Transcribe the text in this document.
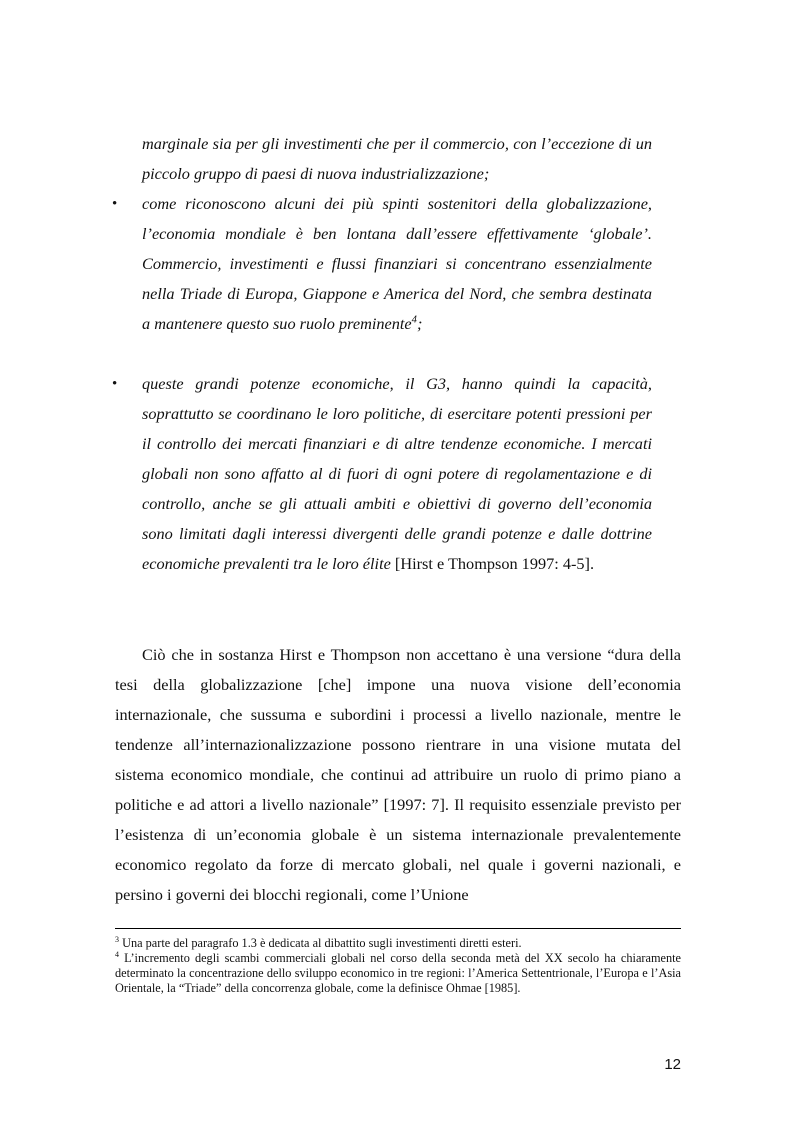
marginale sia per gli investimenti che per il commercio, con l’eccezione di un piccolo gruppo di paesi di nuova industrializzazione;

• come riconoscono alcuni dei più spinti sostenitori della globalizzazione, l’economia mondiale è ben lontana dall’essere effettivamente ‘globale’. Commercio, investimenti e flussi finanziari si concentrano essenzialmente nella Triade di Europa, Giappone e America del Nord, che sembra destinata a mantenere questo suo ruolo preminente$^4$;

• queste grandi potenze economiche, il G3, hanno quindi la capacità, soprattutto se coordinano le loro politiche, di esercitare potenti pressioni per il controllo dei mercati finanziari e di altre tendenze economiche. I mercati globali non sono affatto al di fuori di ogni potere di regolamentazione e di controllo, anche se gli attuali ambiti e obiettivi di governo dell’economia sono limitati dagli interessi divergenti delle grandi potenze e dalle dottrine economiche prevalenti tra le loro élite [Hirst e Thompson 1997: 4-5].

Ciò che in sostanza Hirst e Thompson non accettano è una versione “dura della tesi della globalizzazione [che] impone una nuova visione dell’economia internazionale, che sussuma e subordini i processi a livello nazionale, mentre le tendenze all’internazionalizzazione possono rientrare in una visione mutata del sistema economico mondiale, che continui ad attribuire un ruolo di primo piano a politiche e ad attori a livello nazionale” [1997: 7]. Il requisito essenziale previsto per l’esistenza di un’economia globale è un sistema internazionale prevalentemente economico regolato da forze di mercato globali, nel quale i governi nazionali, e persino i governi dei blocchi regionali, come l’Unione

$^3$ Una parte del paragrafo 1.3 è dedicata al dibattito sugli investimenti diretti esteri.

$^4$ L’incremento degli scambi commerciali globali nel corso della seconda metà del XX secolo ha chiaramente determinato la concentrazione dello sviluppo economico in tre regioni: l’America Settentrionale, l’Europa e l’Asia Orientale, la “Triade” della concorrenza globale, come la definisce Ohmae [1985].

12
